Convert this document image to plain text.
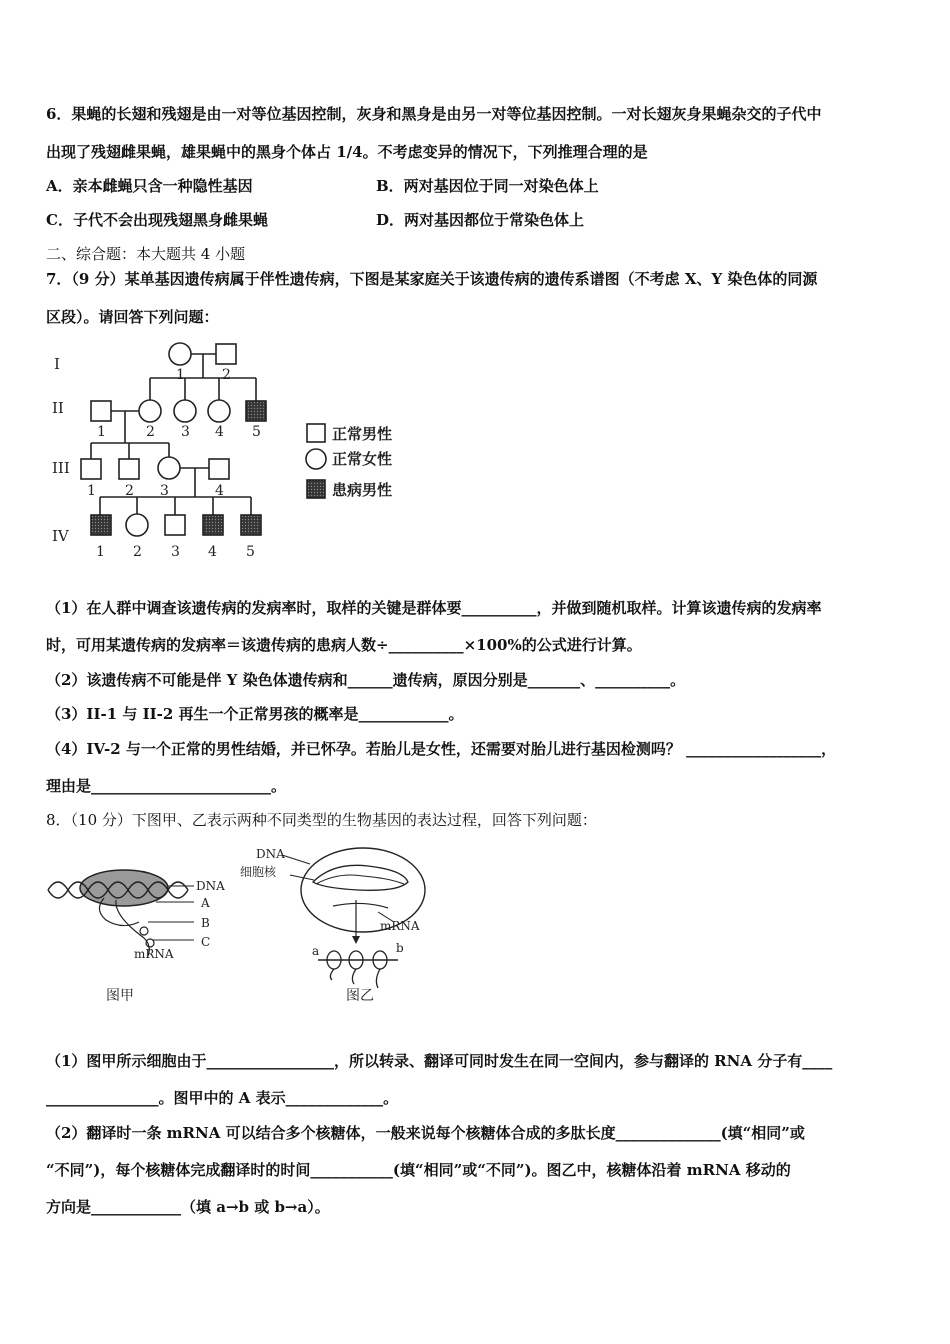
6．果蝇的长翅和残翅是由一对等位基因控制，灰身和黑身是由另一对等位基因控制。一对长翅灰身果蝇杂交的子代中
出现了残翅雌果蝇，雄果蝇中的黑身个体占 1/4。不考虑变异的情况下，下列推理合理的是
A．亲本雌蝇只含一种隐性基因	B．两对基因位于同一对染色体上
C．子代不会出现残翅黑身雌果蝇	D．两对基因都位于常染色体上
二、综合题：本大题共 4 小题
7．（9 分）某单基因遗传病属于伴性遗传病，下图是某家庭关于该遗传病的遗传系谱图（不考虑 X、Y 染色体的同源
区段）。请回答下列问题：
I
II
III
IV
1	2
1	2 3 4 5
1 2 3	4
1 2 3 4 5
正常男性
正常女性
患病男性
（1）在人群中调查该遗传病的发病率时，取样的关键是群体要__________，并做到随机取样。计算该遗传病的发病率
时，可用某遗传病的发病率＝该遗传病的患病人数÷__________×100%的公式进行计算。
（2）该遗传病不可能是伴 Y 染色体遗传病和______遗传病，原因分别是_______、__________。
（3）II-1 与 II-2 再生一个正常男孩的概率是____________。
（4）IV-2 与一个正常的男性结婚，并已怀孕。若胎儿是女性，还需要对胎儿进行基因检测吗？ __________________，
理由是________________________。
8．（10 分）下图甲、乙表示两种不同类型的生物基因的表达过程，回答下列问题：
DNA
A
B
C
mRNA
图甲
DNA
细胞核
mRNA
a	b
图乙
（1）图甲所示细胞由于_________________，所以转录、翻译可同时发生在同一空间内，参与翻译的 RNA 分子有____
_______________。图甲中的 A 表示_____________。
（2）翻译时一条 mRNA 可以结合多个核糖体，一般来说每个核糖体合成的多肽长度______________(填“相同”或
“不同”)，每个核糖体完成翻译时的时间___________(填“相同”或“不同”)。图乙中，核糖体沿着 mRNA 移动的
方向是____________（填 a→b 或 b→a）。
